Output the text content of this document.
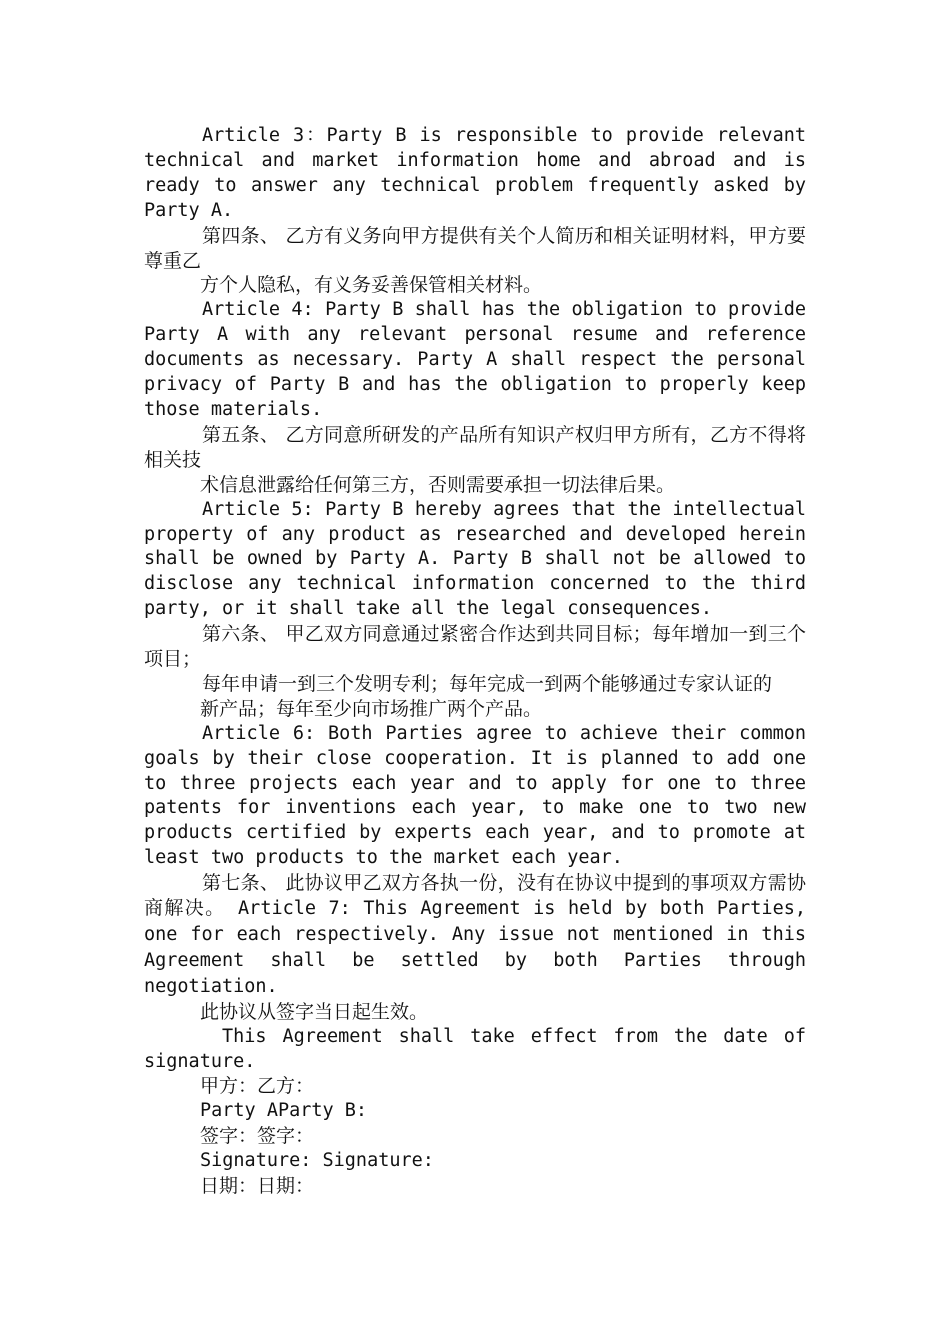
Article 3：Party B is responsible to provide relevant technical and market information home and abroad and is ready to answer any technical problem frequently asked by Party A.

第四条、 乙方有义务向甲方提供有关个人简历和相关证明材料，甲方要尊重乙

方个人隐私，有义务妥善保管相关材料。

Article 4: Party B shall has the obligation to provide Party A with any relevant personal resume and reference documents as necessary. Party A shall respect the personal privacy of Party B and has the obligation to properly keep those materials.

第五条、 乙方同意所研发的产品所有知识产权归甲方所有，乙方不得将相关技

术信息泄露给任何第三方，否则需要承担一切法律后果。

Article 5: Party B hereby agrees that the intellectual property of any product as researched and developed herein shall be owned by Party A. Party B shall not be allowed to disclose any technical information concerned to the third party, or it shall take all the legal consequences.

第六条、 甲乙双方同意通过紧密合作达到共同目标；每年增加一到三个项目；

每年申请一到三个发明专利；每年完成一到两个能够通过专家认证的

新产品；每年至少向市场推广两个产品。

Article 6: Both Parties agree to achieve their common goals by their close cooperation. It is planned to add one to three projects each year and to apply for one to three patents for inventions each year, to make one to two new products certified by experts each year, and to promote at least two products to the market each year.

第七条、 此协议甲乙双方各执一份，没有在协议中提到的事项双方需协商解决。 Article 7: This Agreement is held by both Parties, one for each respectively. Any issue not mentioned in this Agreement shall be settled by both Parties through negotiation.

此协议从签字当日起生效。

This Agreement shall take effect from the date of signature.

甲方：乙方：

Party AParty B:

签字：签字：

Signature: Signature:

日期：日期：
